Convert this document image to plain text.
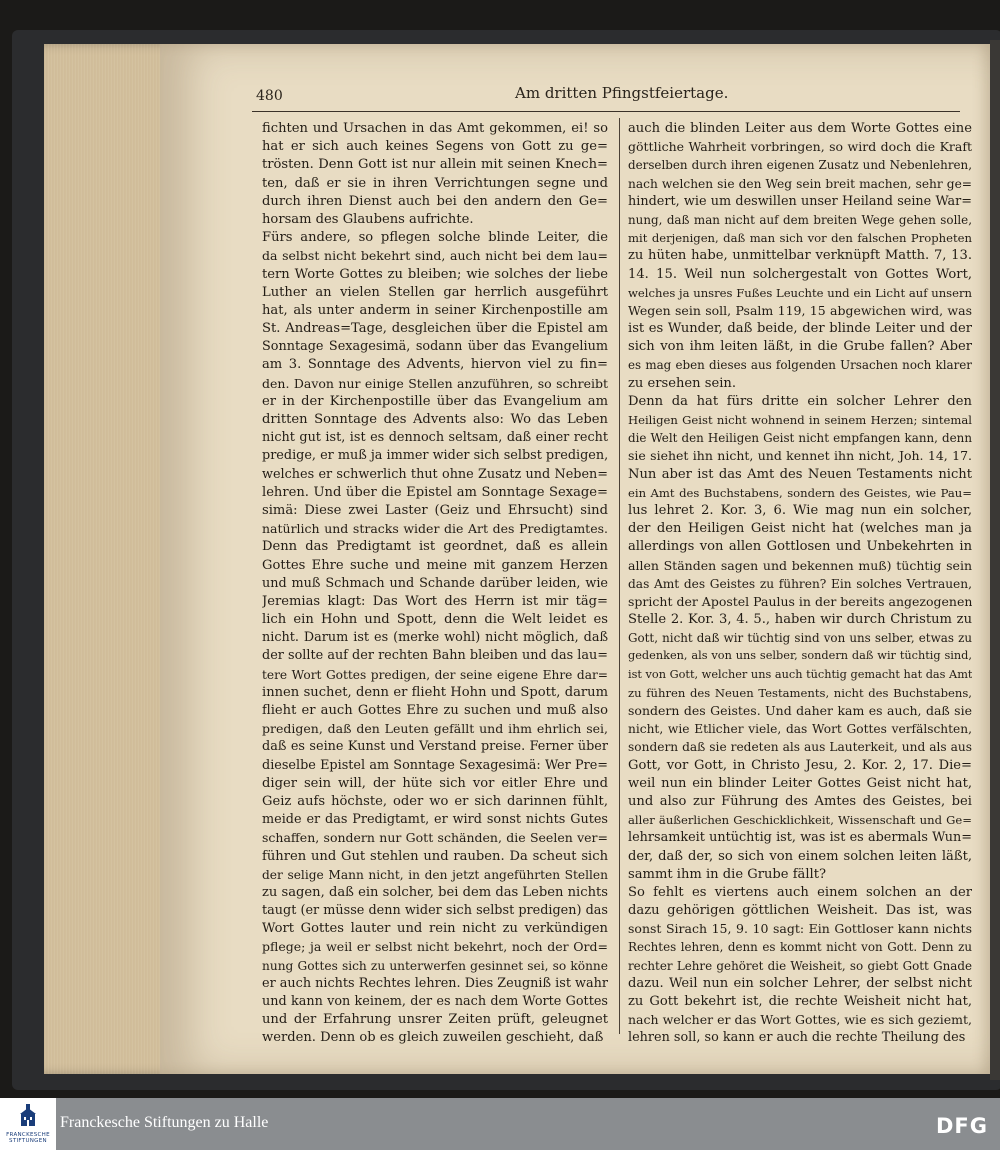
480	Am dritten Pfingstfeiertage.
fichten und Ursachen in das Amt gekommen, ei! so
hat er sich auch keines Segens von Gott zu ge=
trösten. Denn Gott ist nur allein mit seinen Knech=
ten, daß er sie in ihren Verrichtungen segne und
durch ihren Dienst auch bei den andern den Ge=
horsam des Glaubens aufrichte.
Fürs andere, so pflegen solche blinde Leiter, die
da selbst nicht bekehrt sind, auch nicht bei dem lau=
tern Worte Gottes zu bleiben; wie solches der liebe
Luther an vielen Stellen gar herrlich ausgeführt
hat, als unter anderm in seiner Kirchenpostille am
St. Andreas=Tage, desgleichen über die Epistel am
Sonntage Sexagesimä, sodann über das Evangelium
am 3. Sonntage des Advents, hiervon viel zu fin=
den. Davon nur einige Stellen anzuführen, so schreibt
er in der Kirchenpostille über das Evangelium am
dritten Sonntage des Advents also: Wo das Leben
nicht gut ist, ist es dennoch seltsam, daß einer recht
predige, er muß ja immer wider sich selbst predigen,
welches er schwerlich thut ohne Zusatz und Neben=
lehren. Und über die Epistel am Sonntage Sexage=
simä: Diese zwei Laster (Geiz und Ehrsucht) sind
natürlich und stracks wider die Art des Predigtamtes.
Denn das Predigtamt ist geordnet, daß es allein
Gottes Ehre suche und meine mit ganzem Herzen
und muß Schmach und Schande darüber leiden, wie
Jeremias klagt: Das Wort des Herrn ist mir täg=
lich ein Hohn und Spott, denn die Welt leidet es
nicht. Darum ist es (merke wohl) nicht möglich, daß
der sollte auf der rechten Bahn bleiben und das lau=
tere Wort Gottes predigen, der seine eigene Ehre dar=
innen suchet, denn er flieht Hohn und Spott, darum
flieht er auch Gottes Ehre zu suchen und muß also
predigen, daß den Leuten gefällt und ihm ehrlich sei,
daß es seine Kunst und Verstand preise. Ferner über
dieselbe Epistel am Sonntage Sexagesimä: Wer Pre=
diger sein will, der hüte sich vor eitler Ehre und
Geiz aufs höchste, oder wo er sich darinnen fühlt,
meide er das Predigtamt, er wird sonst nichts Gutes
schaffen, sondern nur Gott schänden, die Seelen ver=
führen und Gut stehlen und rauben. Da scheut sich
der selige Mann nicht, in den jetzt angeführten Stellen
zu sagen, daß ein solcher, bei dem das Leben nichts
taugt (er müsse denn wider sich selbst predigen) das
Wort Gottes lauter und rein nicht zu verkündigen
pflege; ja weil er selbst nicht bekehrt, noch der Ord=
nung Gottes sich zu unterwerfen gesinnet sei, so könne
er auch nichts Rechtes lehren. Dies Zeugniß ist wahr
und kann von keinem, der es nach dem Worte Gottes
und der Erfahrung unsrer Zeiten prüft, geleugnet
werden. Denn ob es gleich zuweilen geschieht, daß
auch die blinden Leiter aus dem Worte Gottes eine
göttliche Wahrheit vorbringen, so wird doch die Kraft
derselben durch ihren eigenen Zusatz und Nebenlehren,
nach welchen sie den Weg sein breit machen, sehr ge=
hindert, wie um deswillen unser Heiland seine War=
nung, daß man nicht auf dem breiten Wege gehen solle,
mit derjenigen, daß man sich vor den falschen Propheten
zu hüten habe, unmittelbar verknüpft Matth. 7, 13.
14. 15. Weil nun solchergestalt von Gottes Wort,
welches ja unsres Fußes Leuchte und ein Licht auf unsern
Wegen sein soll, Psalm 119, 15 abgewichen wird, was
ist es Wunder, daß beide, der blinde Leiter und der
sich von ihm leiten läßt, in die Grube fallen? Aber
es mag eben dieses aus folgenden Ursachen noch klarer
zu ersehen sein.
Denn da hat fürs dritte ein solcher Lehrer den
Heiligen Geist nicht wohnend in seinem Herzen; sintemal
die Welt den Heiligen Geist nicht empfangen kann, denn
sie siehet ihn nicht, und kennet ihn nicht, Joh. 14, 17.
Nun aber ist das Amt des Neuen Testaments nicht
ein Amt des Buchstabens, sondern des Geistes, wie Pau=
lus lehret 2. Kor. 3, 6. Wie mag nun ein solcher,
der den Heiligen Geist nicht hat (welches man ja
allerdings von allen Gottlosen und Unbekehrten in
allen Ständen sagen und bekennen muß) tüchtig sein
das Amt des Geistes zu führen? Ein solches Vertrauen,
spricht der Apostel Paulus in der bereits angezogenen
Stelle 2. Kor. 3, 4. 5., haben wir durch Christum zu
Gott, nicht daß wir tüchtig sind von uns selber, etwas zu
gedenken, als von uns selber, sondern daß wir tüchtig sind,
ist von Gott, welcher uns auch tüchtig gemacht hat das Amt
zu führen des Neuen Testaments, nicht des Buchstabens,
sondern des Geistes. Und daher kam es auch, daß sie
nicht, wie Etlicher viele, das Wort Gottes verfälschten,
sondern daß sie redeten als aus Lauterkeit, und als aus
Gott, vor Gott, in Christo Jesu, 2. Kor. 2, 17. Die=
weil nun ein blinder Leiter Gottes Geist nicht hat,
und also zur Führung des Amtes des Geistes, bei
aller äußerlichen Geschicklichkeit, Wissenschaft und Ge=
lehrsamkeit untüchtig ist, was ist es abermals Wun=
der, daß der, so sich von einem solchen leiten läßt,
sammt ihm in die Grube fällt?
So fehlt es viertens auch einem solchen an der
dazu gehörigen göttlichen Weisheit. Das ist, was
sonst Sirach 15, 9. 10 sagt: Ein Gottloser kann nichts
Rechtes lehren, denn es kommt nicht von Gott. Denn zu
rechter Lehre gehöret die Weisheit, so giebt Gott Gnade
dazu. Weil nun ein solcher Lehrer, der selbst nicht
zu Gott bekehrt ist, die rechte Weisheit nicht hat,
nach welcher er das Wort Gottes, wie es sich geziemt,
lehren soll, so kann er auch die rechte Theilung des
FRANCKESCHE STIFTUNGEN
Franckesche Stiftungen zu Halle	DFG
